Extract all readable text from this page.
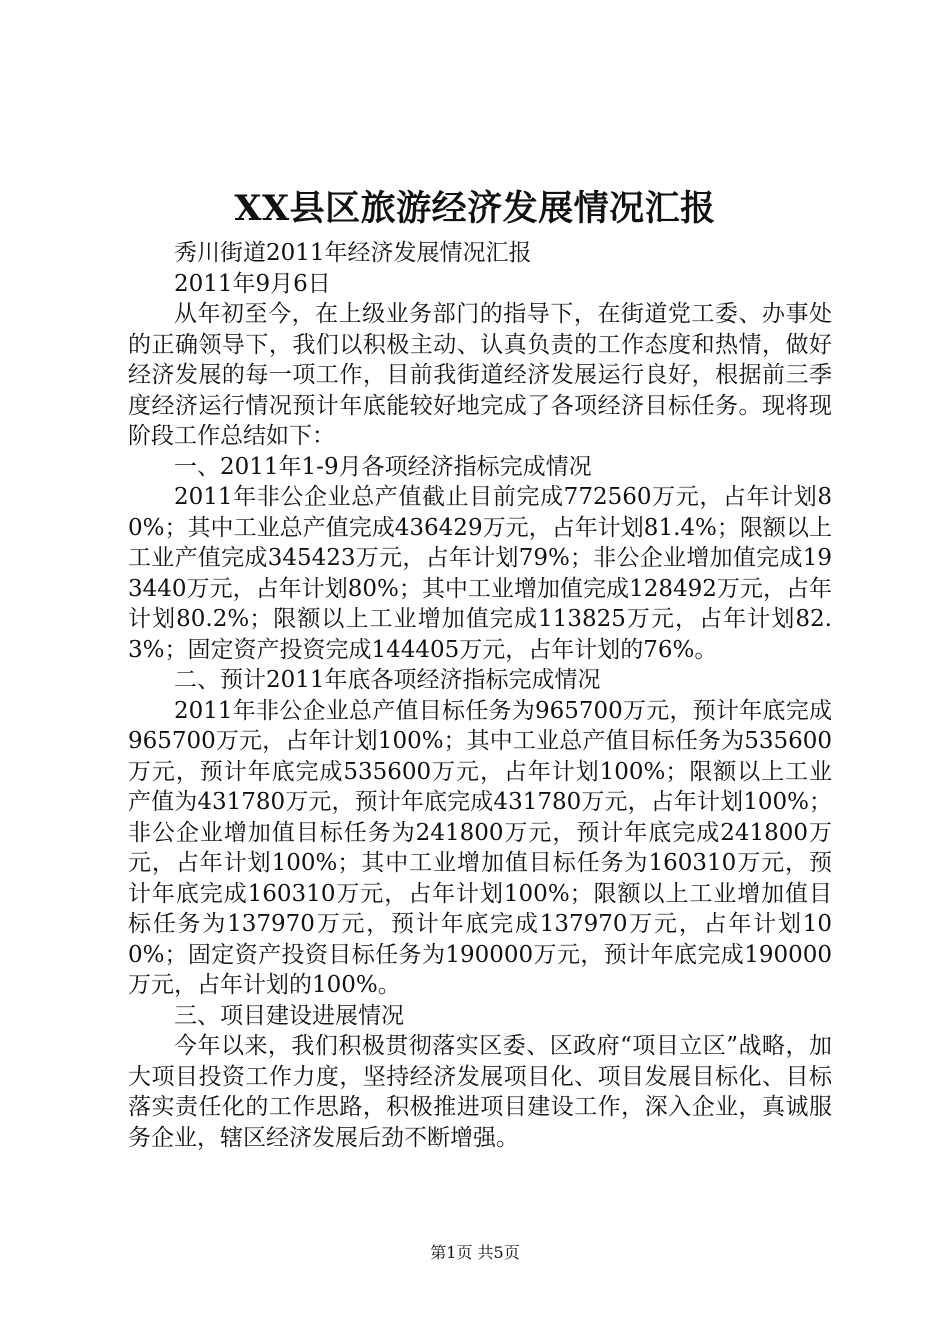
XX县区旅游经济发展情况汇报

秀川街道2011年经济发展情况汇报

2011年9月6日

从年初至今，在上级业务部门的指导下，在街道党工委、办事处的正确领导下，我们以积极主动、认真负责的工作态度和热情，做好经济发展的每一项工作，目前我街道经济发展运行良好，根据前三季度经济运行情况预计年底能较好地完成了各项经济目标任务。现将现阶段工作总结如下：

一、2011年1-9月各项经济指标完成情况

2011年非公企业总产值截止目前完成772560万元，占年计划80%；其中工业总产值完成436429万元，占年计划81.4%；限额以上工业产值完成345423万元，占年计划79%；非公企业增加值完成193440万元，占年计划80%；其中工业增加值完成128492万元，占年计划80.2%；限额以上工业增加值完成113825万元，占年计划82.3%；固定资产投资完成144405万元，占年计划的76%。

二、预计2011年底各项经济指标完成情况

2011年非公企业总产值目标任务为965700万元，预计年底完成965700万元，占年计划100%；其中工业总产值目标任务为535600万元，预计年底完成535600万元，占年计划100%；限额以上工业产值为431780万元，预计年底完成431780万元，占年计划100%；非公企业增加值目标任务为241800万元，预计年底完成241800万元，占年计划100%；其中工业增加值目标任务为160310万元，预计年底完成160310万元，占年计划100%；限额以上工业增加值目标任务为137970万元，预计年底完成137970万元，占年计划100%；固定资产投资目标任务为190000万元，预计年底完成190000万元，占年计划的100%。

三、项目建设进展情况

今年以来，我们积极贯彻落实区委、区政府“项目立区”战略，加大项目投资工作力度，坚持经济发展项目化、项目发展目标化、目标落实责任化的工作思路，积极推进项目建设工作，深入企业，真诚服务企业，辖区经济发展后劲不断增强。

第1页 共5页
